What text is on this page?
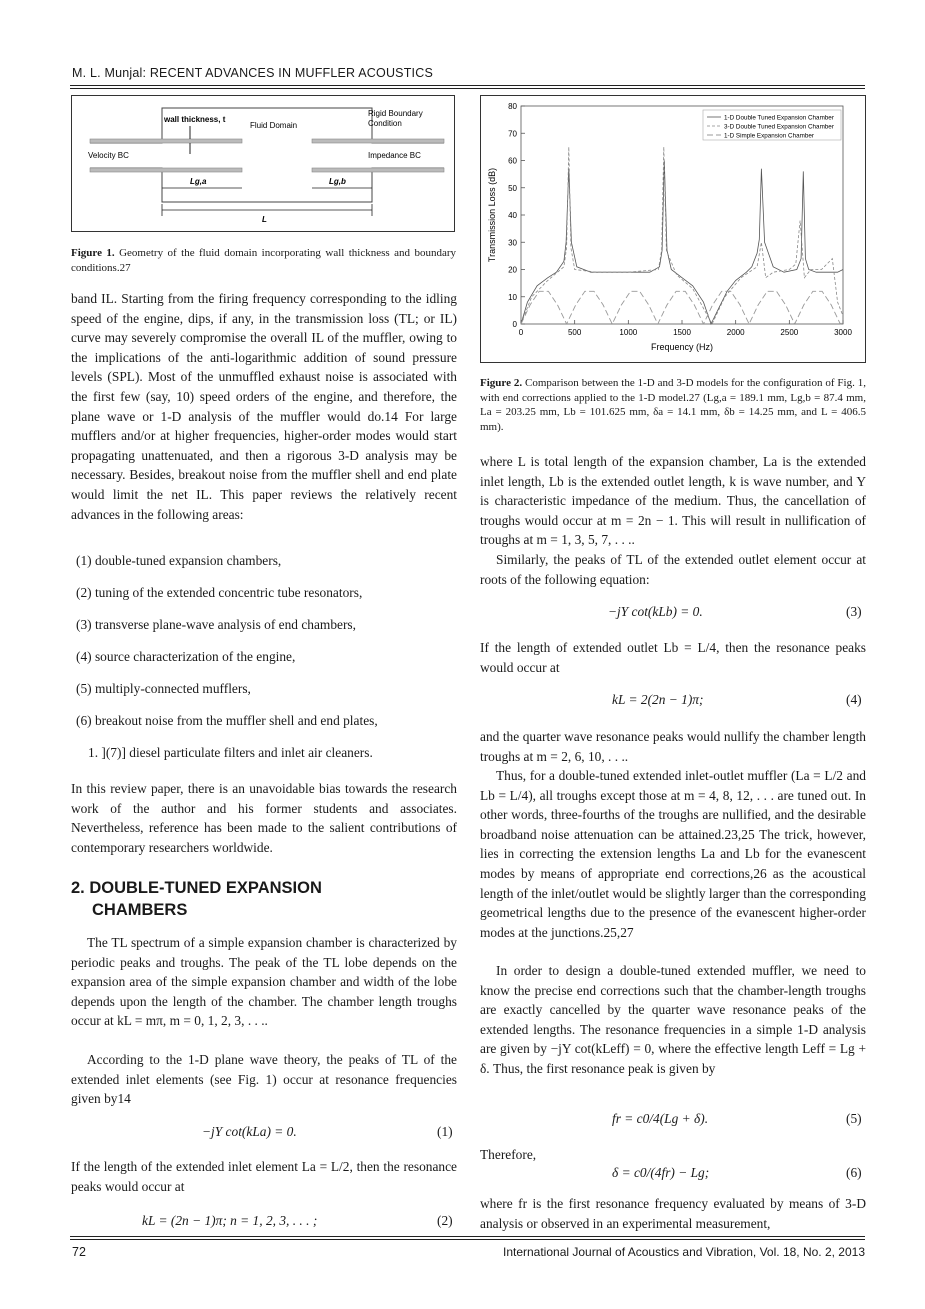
M. L. Munjal: RECENT ADVANCES IN MUFFLER ACOUSTICS
wall thickness, t
Fluid Domain
Rigid Boundary
Condition
Velocity BC	Impedance BC
Lg,a	Lg,b
L
Figure 1. Geometry of the fluid domain incorporating wall thickness and boundary conditions.27
0
10
20
30
40
50
60
70
80
0	500	1000	1500	2000	2500	3000
1-D Double Tuned Expansion Chamber
3-D Double Tuned Expansion Chamber
1-D Simple Expansion Chamber
Frequency (Hz)
Transmission Loss (dB)
Figure 2. Comparison between the 1-D and 3-D models for the configuration of Fig. 1, with end corrections applied to the 1-D model.27 (Lg,a = 189.1 mm, Lg,b = 87.4 mm, La = 203.25 mm, Lb = 101.625 mm, δa = 14.1 mm, δb = 14.25 mm, and L = 406.5 mm).
band IL. Starting from the firing frequency corresponding to the idling speed of the engine, dips, if any, in the transmission loss (TL; or IL) curve may severely compromise the overall IL of the muffler, owing to the implications of the anti-logarithmic addition of sound pressure levels (SPL). Most of the unmuffled exhaust noise is associated with the first few (say, 10) speed orders of the engine, and therefore, the plane wave or 1-D analysis of the muffler would do.14 For large mufflers and/or at higher frequencies, higher-order modes would start propagating unattenuated, and then a rigorous 3-D analysis may be necessary. Besides, breakout noise from the muffler shell and end plate would limit the net IL. This paper reviews the relatively recent advances in the following areas:
(1) double-tuned expansion chambers,
(2) tuning of the extended concentric tube resonators,
(3) transverse plane-wave analysis of end chambers,
(4) source characterization of the engine,
(5) multiply-connected mufflers,
(6) breakout noise from the muffler shell and end plates,
1. ](7)] diesel particulate filters and inlet air cleaners.
In this review paper, there is an unavoidable bias towards the research work of the author and his former students and associates. Nevertheless, reference has been made to the salient contributions of contemporary researchers worldwide.
2. DOUBLE-TUNED EXPANSION
CHAMBERS
The TL spectrum of a simple expansion chamber is characterized by periodic peaks and troughs. The peak of the TL lobe depends on the expansion area of the simple expansion chamber and width of the lobe depends upon the length of the chamber. The chamber length troughs occur at kL = mπ, m = 0, 1, 2, 3, . . ..
According to the 1-D plane wave theory, the peaks of TL of the extended inlet elements (see Fig. 1) occur at resonance frequencies given by14
−jY cot(kLa) = 0.	(1)
If the length of the extended inlet element La = L/2, then the resonance peaks would occur at
kL = (2n − 1)π; n = 1, 2, 3, . . . ;	(2)
where L is total length of the expansion chamber, La is the extended inlet length, Lb is the extended outlet length, k is wave number, and Y is characteristic impedance of the medium. Thus, the cancellation of troughs would occur at m = 2n − 1. This will result in nullification of troughs at m = 1, 3, 5, 7, . . ..
Similarly, the peaks of TL of the extended outlet element occur at roots of the following equation:
−jY cot(kLb) = 0.	(3)
If the length of extended outlet Lb = L/4, then the resonance peaks would occur at
kL = 2(2n − 1)π;	(4)
and the quarter wave resonance peaks would nullify the chamber length troughs at m = 2, 6, 10, . . ..
Thus, for a double-tuned extended inlet-outlet muffler (La = L/2 and Lb = L/4), all troughs except those at m = 4, 8, 12, . . . are tuned out. In other words, three-fourths of the troughs are nullified, and the desirable broadband noise attenuation can be attained.23,25 The trick, however, lies in correcting the extension lengths La and Lb for the evanescent modes by means of appropriate end corrections,26 as the acoustical length of the inlet/outlet would be slightly larger than the corresponding geometrical lengths due to the presence of the evanescent higher-order modes at the junctions.25,27
In order to design a double-tuned extended muffler, we need to know the precise end corrections such that the chamber-length troughs are exactly cancelled by the quarter wave resonance peaks of the extended lengths. The resonance frequencies in a simple 1-D analysis are given by −jY cot(kLeff) = 0, where the effective length Leff = Lg + δ. Thus, the first resonance peak is given by
fr = c0/4(Lg + δ).	(5)
Therefore,
δ = c0/(4fr) − Lg;	(6)
where fr is the first resonance frequency evaluated by means of 3-D analysis or observed in an experimental measurement,
72	International Journal of Acoustics and Vibration, Vol. 18, No. 2, 2013
